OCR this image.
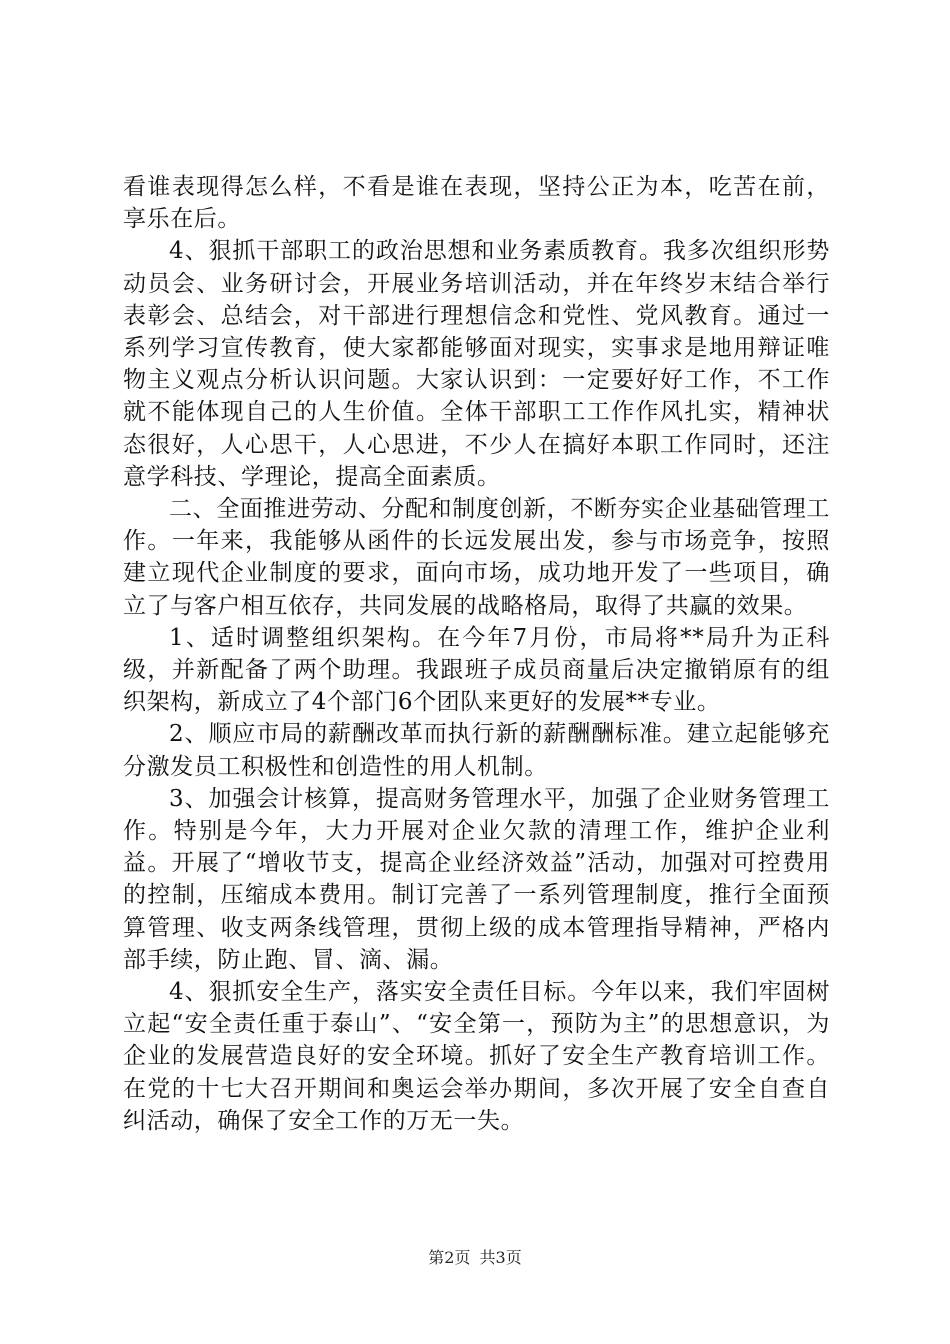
看谁表现得怎么样，不看是谁在表现，坚持公正为本，吃苦在前，享乐在后。

4、狠抓干部职工的政治思想和业务素质教育。我多次组织形势动员会、业务研讨会，开展业务培训活动，并在年终岁末结合举行表彰会、总结会，对干部进行理想信念和党性、党风教育。通过一系列学习宣传教育，使大家都能够面对现实，实事求是地用辩证唯物主义观点分析认识问题。大家认识到：一定要好好工作，不工作就不能体现自己的人生价值。全体干部职工工作作风扎实，精神状态很好，人心思干，人心思进，不少人在搞好本职工作同时，还注意学科技、学理论，提高全面素质。

二、全面推进劳动、分配和制度创新，不断夯实企业基础管理工作。一年来，我能够从函件的长远发展出发，参与市场竞争，按照建立现代企业制度的要求，面向市场，成功地开发了一些项目，确立了与客户相互依存，共同发展的战略格局，取得了共赢的效果。

1、适时调整组织架构。在今年7月份，市局将**局升为正科级，并新配备了两个助理。我跟班子成员商量后决定撤销原有的组织架构，新成立了4个部门6个团队来更好的发展**专业。

2、顺应市局的薪酬改革而执行新的薪酬酬标准。建立起能够充分激发员工积极性和创造性的用人机制。

3、加强会计核算，提高财务管理水平，加强了企业财务管理工作。特别是今年，大力开展对企业欠款的清理工作，维护企业利益。开展了“增收节支，提高企业经济效益”活动，加强对可控费用的控制，压缩成本费用。制订完善了一系列管理制度，推行全面预算管理、收支两条线管理，贯彻上级的成本管理指导精神，严格内部手续，防止跑、冒、滴、漏。

4、狠抓安全生产，落实安全责任目标。今年以来，我们牢固树立起“安全责任重于泰山”、“安全第一，预防为主”的思想意识，为企业的发展营造良好的安全环境。抓好了安全生产教育培训工作。在党的十七大召开期间和奥运会举办期间，多次开展了安全自查自纠活动，确保了安全工作的万无一失。

第2页 共3页
